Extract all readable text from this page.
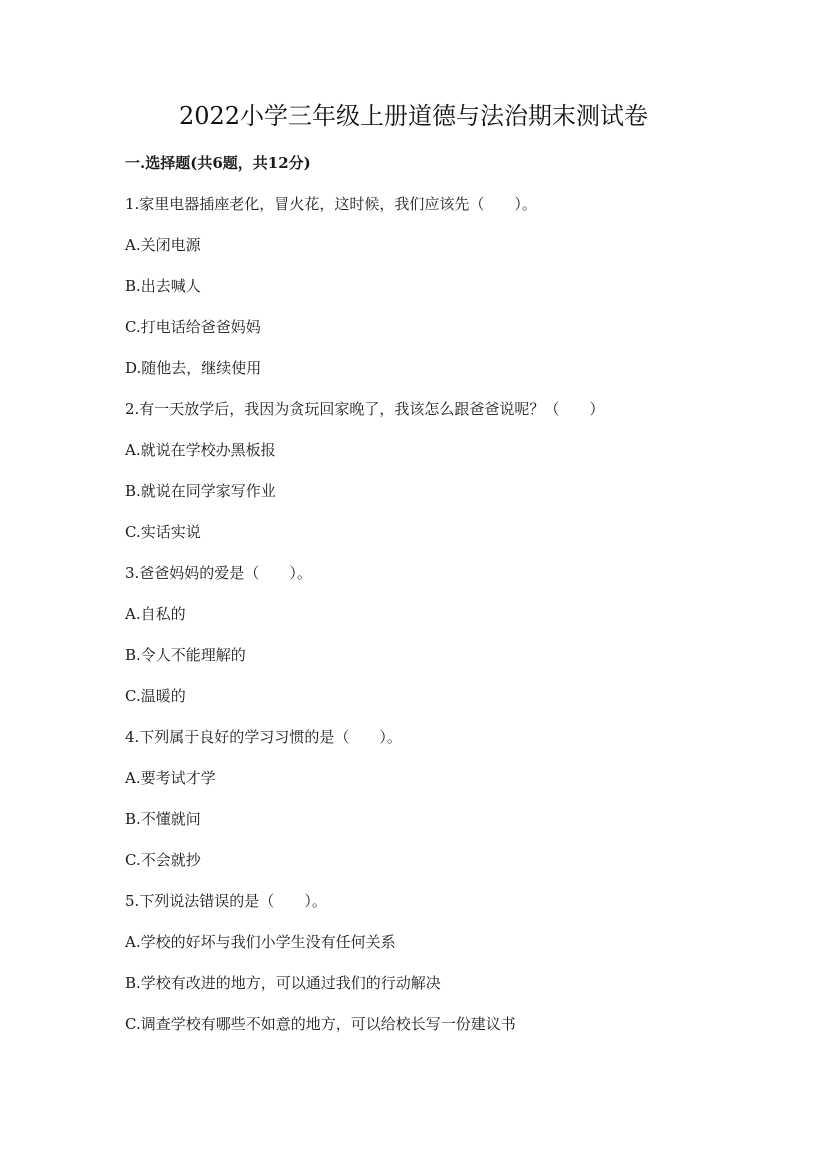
2022小学三年级上册道德与法治期末测试卷
一.选择题(共6题，共12分)
1.家里电器插座老化，冒火花，这时候，我们应该先（　　）。
A.关闭电源
B.出去喊人
C.打电话给爸爸妈妈
D.随他去，继续使用
2.有一天放学后，我因为贪玩回家晚了，我该怎么跟爸爸说呢？（　　）
A.就说在学校办黑板报
B.就说在同学家写作业
C.实话实说
3.爸爸妈妈的爱是（　　）。
A.自私的
B.令人不能理解的
C.温暖的
4.下列属于良好的学习习惯的是（　　）。
A.要考试才学
B.不懂就问
C.不会就抄
5.下列说法错误的是（　　）。
A.学校的好坏与我们小学生没有任何关系
B.学校有改进的地方，可以通过我们的行动解决
C.调查学校有哪些不如意的地方，可以给校长写一份建议书
